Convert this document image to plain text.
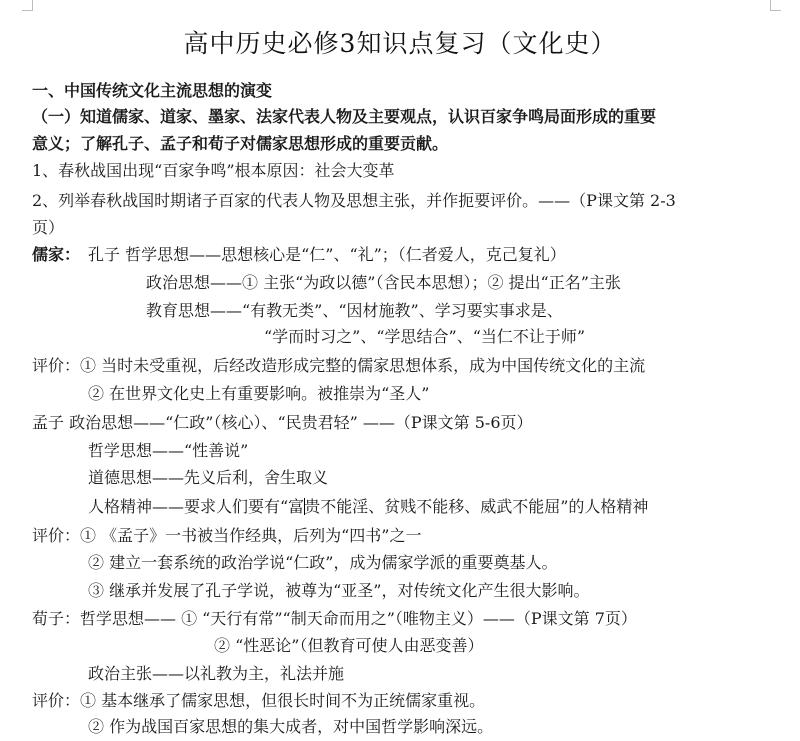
高中历史必修3知识点复习（文化史）
一、中国传统文化主流思想的演变
（一）知道儒家、道家、墨家、法家代表人物及主要观点，认识百家争鸣局面形成的重要
意义；了解孔子、孟子和荀子对儒家思想形成的重要贡献。
1、春秋战国出现“百家争鸣”根本原因：社会大变革
2、列举春秋战国时期诸子百家的代表人物及思想主张，并作扼要评价。——（P课文第 2-3
页）
儒家： 孔子 哲学思想——思想核心是“仁”、“礼”；（仁者爱人，克己复礼）
政治思想——① 主张“为政以德”（含民本思想）；② 提出“正名”主张
教育思想——“有教无类”、“因材施教”、学习要实事求是、
“学而时习之”、“学思结合”、“当仁不让于师”
评价：① 当时未受重视，后经改造形成完整的儒家思想体系，成为中国传统文化的主流
② 在世界文化史上有重要影响。被推崇为“圣人”
孟子 政治思想——“仁政”（核心）、“民贵君轻” ——（P课文第 5-6页）
哲学思想——“性善说”
道德思想——先义后利，舍生取义
人格精神——要求人们要有“富贵不能淫、贫贱不能移、威武不能屈”的人格精神
评价：① 《孟子》一书被当作经典，后列为“四书”之一
② 建立一套系统的政治学说“仁政”，成为儒家学派的重要奠基人。
③ 继承并发展了孔子学说，被尊为“亚圣”，对传统文化产生很大影响。
荀子：哲学思想—— ① “天行有常”“制天命而用之”（唯物主义）——（P课文第 7页）
② “性恶论”（但教育可使人由恶变善）
政治主张——以礼教为主，礼法并施
评价：① 基本继承了儒家思想，但很长时间不为正统儒家重视。
② 作为战国百家思想的集大成者，对中国哲学影响深远。
